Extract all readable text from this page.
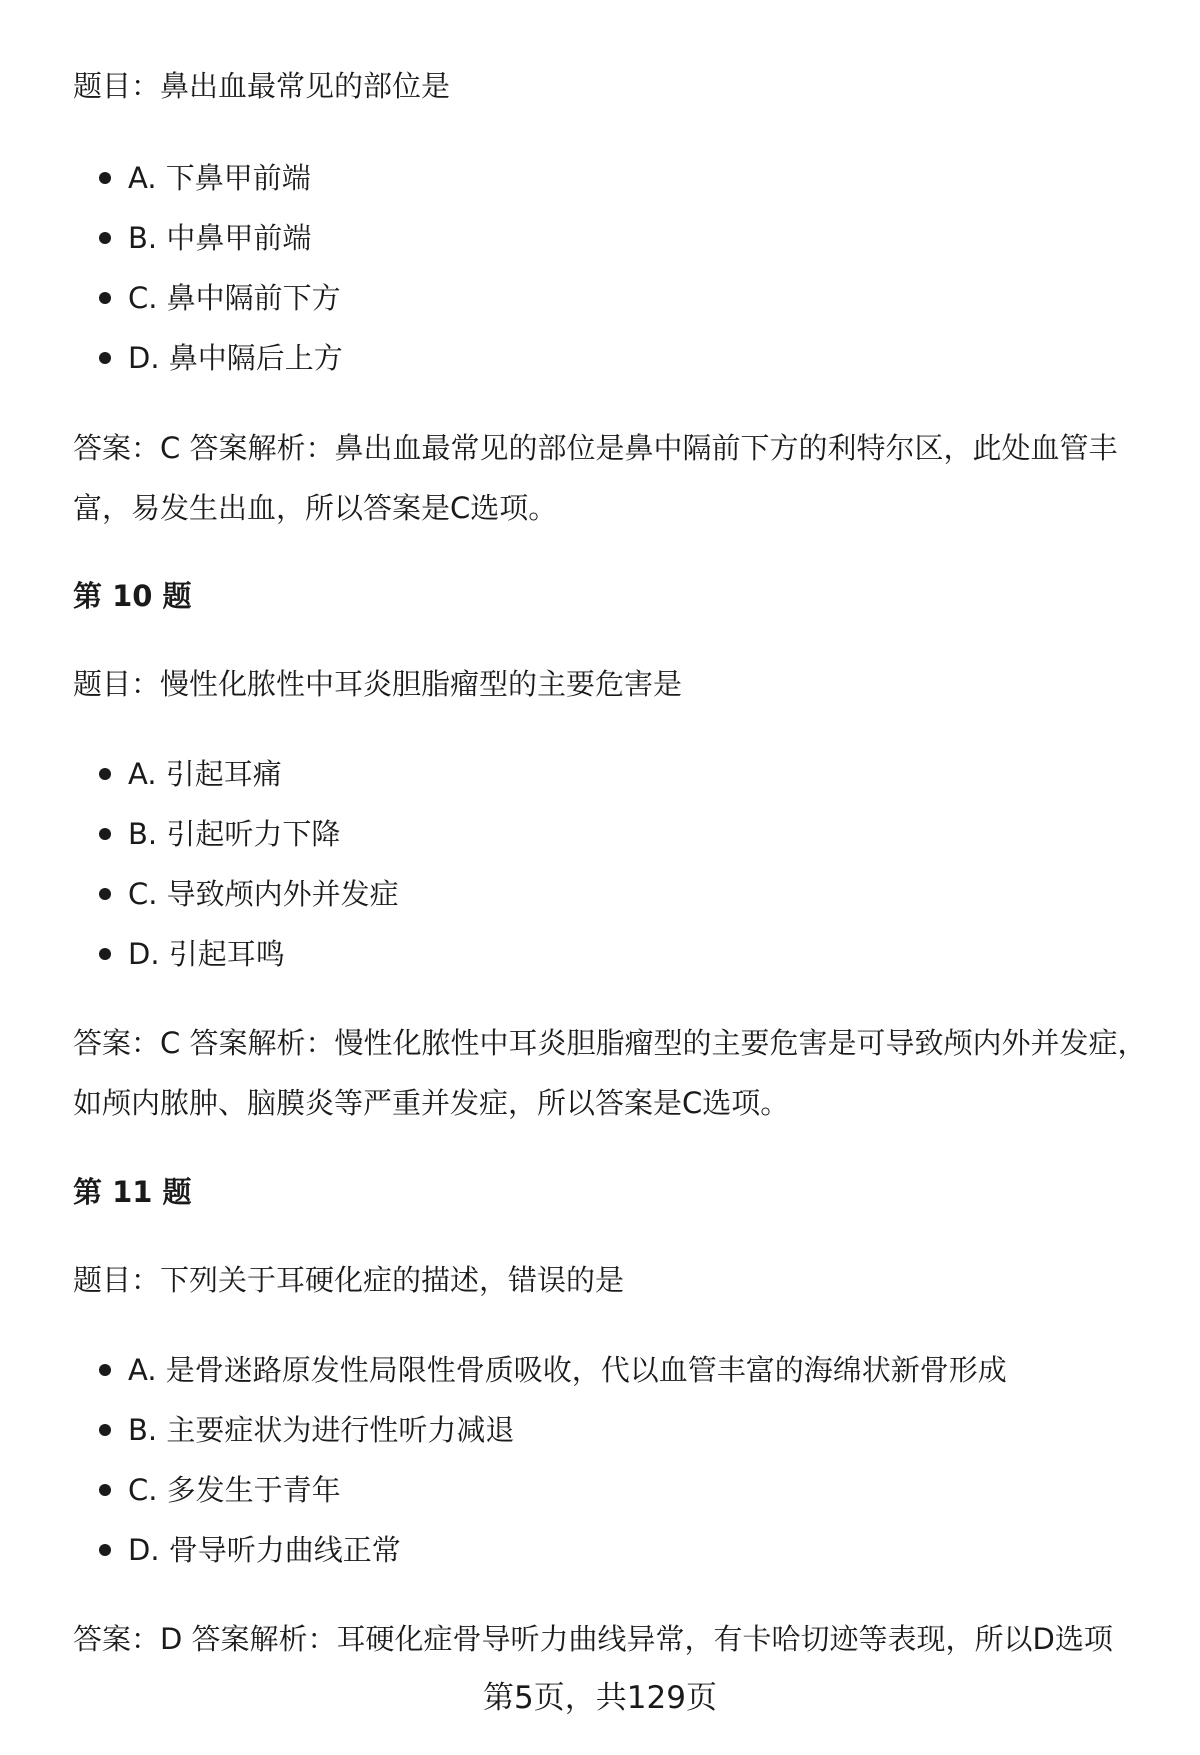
题目：鼻出血最常见的部位是
A. 下鼻甲前端
B. 中鼻甲前端
C. 鼻中隔前下方
D. 鼻中隔后上方
答案：C 答案解析：鼻出血最常见的部位是鼻中隔前下方的利特尔区，此处血管丰富，易发生出血，所以答案是C选项。
第 10 题
题目：慢性化脓性中耳炎胆脂瘤型的主要危害是
A. 引起耳痛
B. 引起听力下降
C. 导致颅内外并发症
D. 引起耳鸣
答案：C 答案解析：慢性化脓性中耳炎胆脂瘤型的主要危害是可导致颅内外并发症，如颅内脓肿、脑膜炎等严重并发症，所以答案是C选项。
第 11 题
题目：下列关于耳硬化症的描述，错误的是
A. 是骨迷路原发性局限性骨质吸收，代以血管丰富的海绵状新骨形成
B. 主要症状为进行性听力减退
C. 多发生于青年
D. 骨导听力曲线正常
答案：D 答案解析：耳硬化症骨导听力曲线异常，有卡哈切迹等表现，所以D选项
第5页，共129页
